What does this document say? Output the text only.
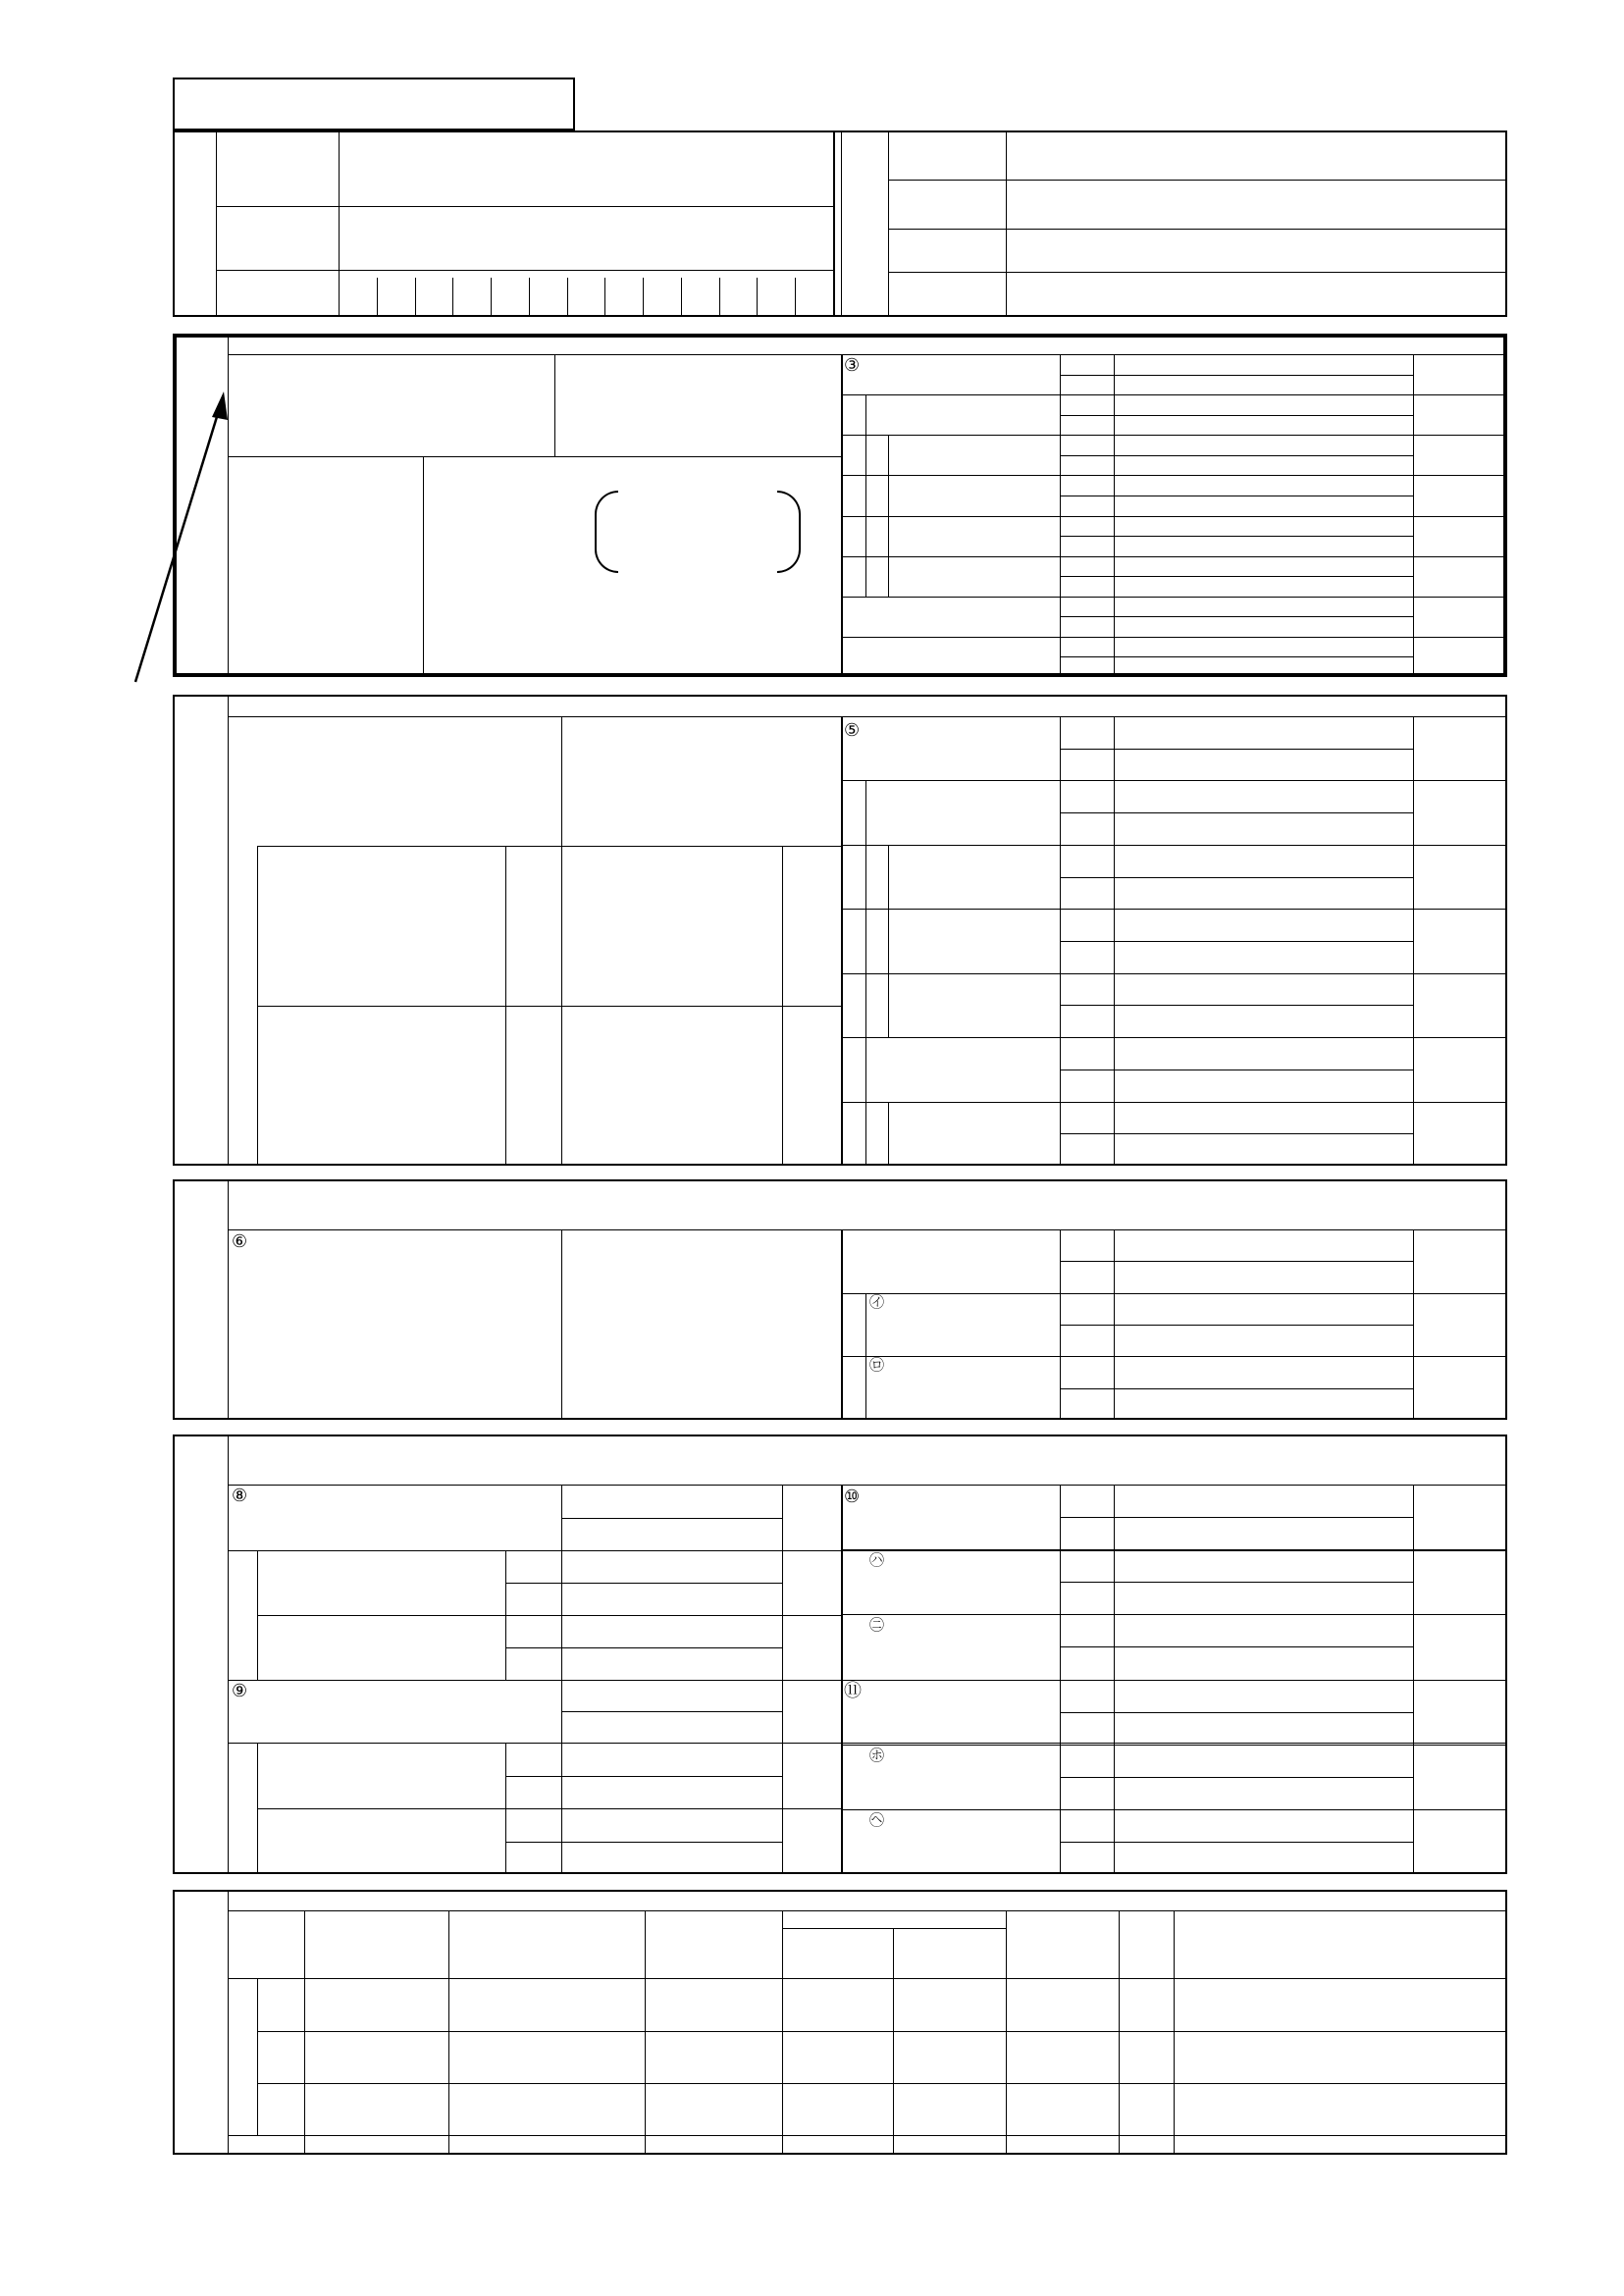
⑥
⑧
⑨
③
⑤
㋑
㋺
⑩
㋩
㊁
⑪
㋭
㋬
